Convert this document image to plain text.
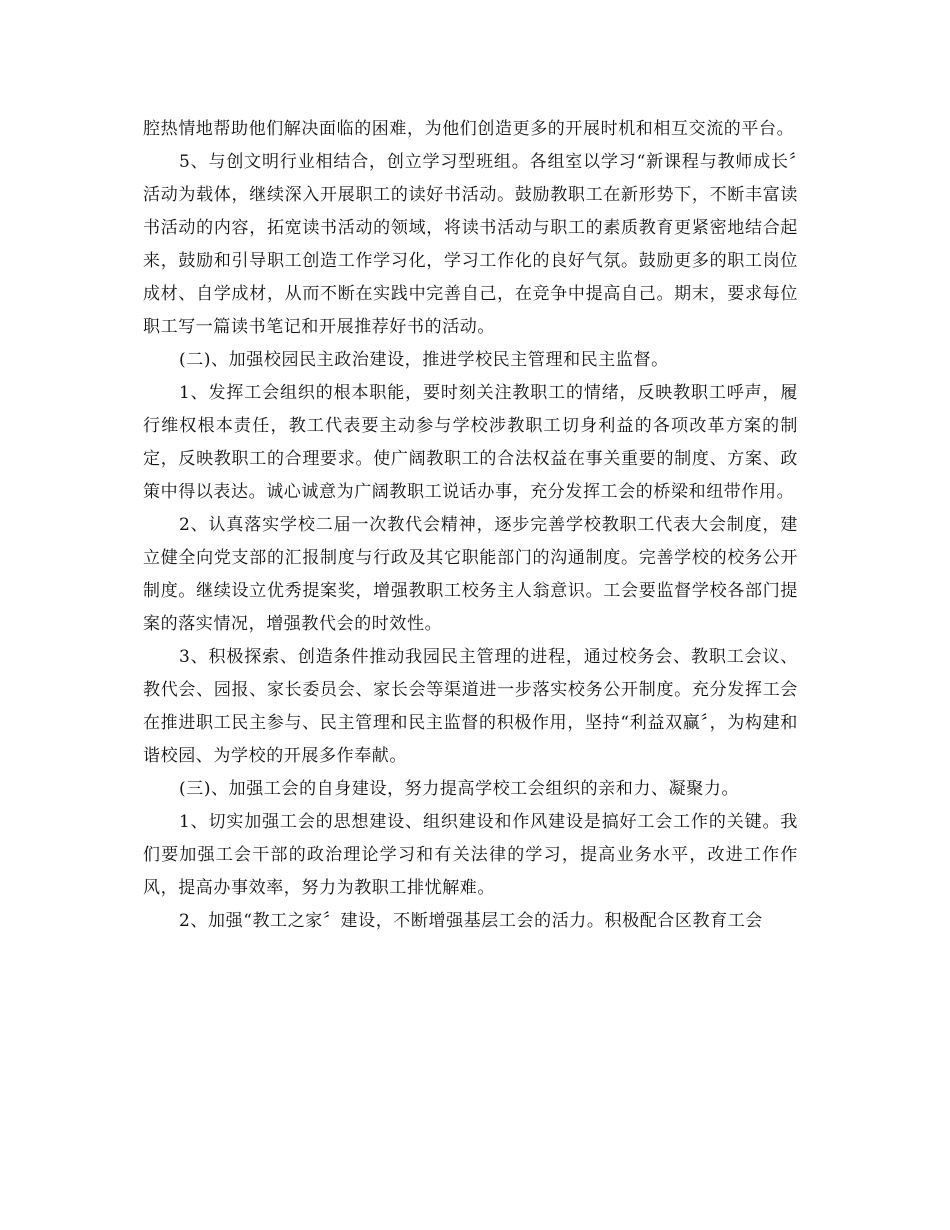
腔热情地帮助他们解决面临的困难，为他们创造更多的开展时机和相互交流的平台。

5、与创文明行业相结合，创立学习型班组。各组室以学习“新课程与教师成长〞活动为载体，继续深入开展职工的读好书活动。鼓励教职工在新形势下，不断丰富读书活动的内容，拓宽读书活动的领域，将读书活动与职工的素质教育更紧密地结合起来，鼓励和引导职工创造工作学习化，学习工作化的良好气氛。鼓励更多的职工岗位成材、自学成材，从而不断在实践中完善自己，在竞争中提高自己。期末，要求每位职工写一篇读书笔记和开展推荐好书的活动。

(二)、加强校园民主政治建设，推进学校民主管理和民主监督。

1、发挥工会组织的根本职能，要时刻关注教职工的情绪，反映教职工呼声，履行维权根本责任，教工代表要主动参与学校涉教职工切身利益的各项改革方案的制定，反映教职工的合理要求。使广阔教职工的合法权益在事关重要的制度、方案、政策中得以表达。诚心诚意为广阔教职工说话办事，充分发挥工会的桥梁和纽带作用。

2、认真落实学校二届一次教代会精神，逐步完善学校教职工代表大会制度，建立健全向党支部的汇报制度与行政及其它职能部门的沟通制度。完善学校的校务公开制度。继续设立优秀提案奖，增强教职工校务主人翁意识。工会要监督学校各部门提案的落实情况，增强教代会的时效性。

3、积极探索、创造条件推动我园民主管理的进程，通过校务会、教职工会议、教代会、园报、家长委员会、家长会等渠道进一步落实校务公开制度。充分发挥工会在推进职工民主参与、民主管理和民主监督的积极作用，坚持“利益双赢〞，为构建和谐校园、为学校的开展多作奉献。

(三)、加强工会的自身建设，努力提高学校工会组织的亲和力、凝聚力。

1、切实加强工会的思想建设、组织建设和作风建设是搞好工会工作的关键。我们要加强工会干部的政治理论学习和有关法律的学习，提高业务水平，改进工作作风，提高办事效率，努力为教职工排忧解难。

2、加强“教工之家〞建设，不断增强基层工会的活力。积极配合区教育工会
